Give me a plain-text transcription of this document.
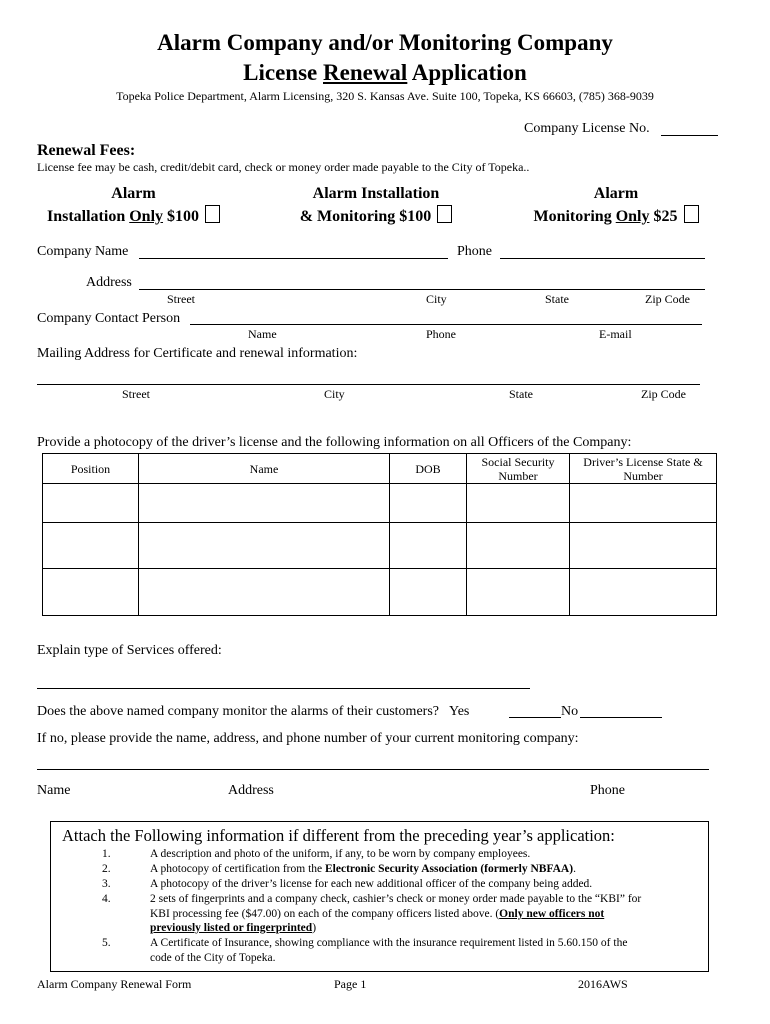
Alarm Company and/or Monitoring Company
License Renewal Application
Topeka Police Department, Alarm Licensing, 320 S. Kansas Ave. Suite 100, Topeka, KS 66603, (785) 368-9039
Company License No.
Renewal Fees:
License fee may be cash, credit/debit card, check or money order made payable to the City of Topeka..
Alarm
Installation Only $100
Alarm Installation
& Monitoring $100
Alarm
Monitoring Only $25
Company Name	Phone
Address
Street	City	State	Zip Code
Company Contact Person
Name	Phone	E-mail
Mailing Address for Certificate and renewal information:
Street	City	State	Zip Code
Provide a photocopy of the driver’s license and the following information on all Officers of the Company:
Position	Name	DOB	Social Security Number	Driver’s License State & Number

Explain type of Services offered:
Does the above named company monitor the alarms of their customers? Yes	No
If no, please provide the name, address, and phone number of your current monitoring company:
Name	Address	Phone
Attach the Following information if different from the preceding year’s application:
1.	A description and photo of the uniform, if any, to be worn by company employees.
2.	A photocopy of certification from the Electronic Security Association (formerly NBFAA).
3.	A photocopy of the driver’s license for each new additional officer of the company being added.
4.	2 sets of fingerprints and a company check, cashier’s check or money order made payable to the “KBI” for
KBI processing fee ($47.00) on each of the company officers listed above. (Only new officers not
previously listed or fingerprinted)
5.	A Certificate of Insurance, showing compliance with the insurance requirement listed in 5.60.150 of the
code of the City of Topeka.
Alarm Company Renewal Form	Page 1	2016AWS
